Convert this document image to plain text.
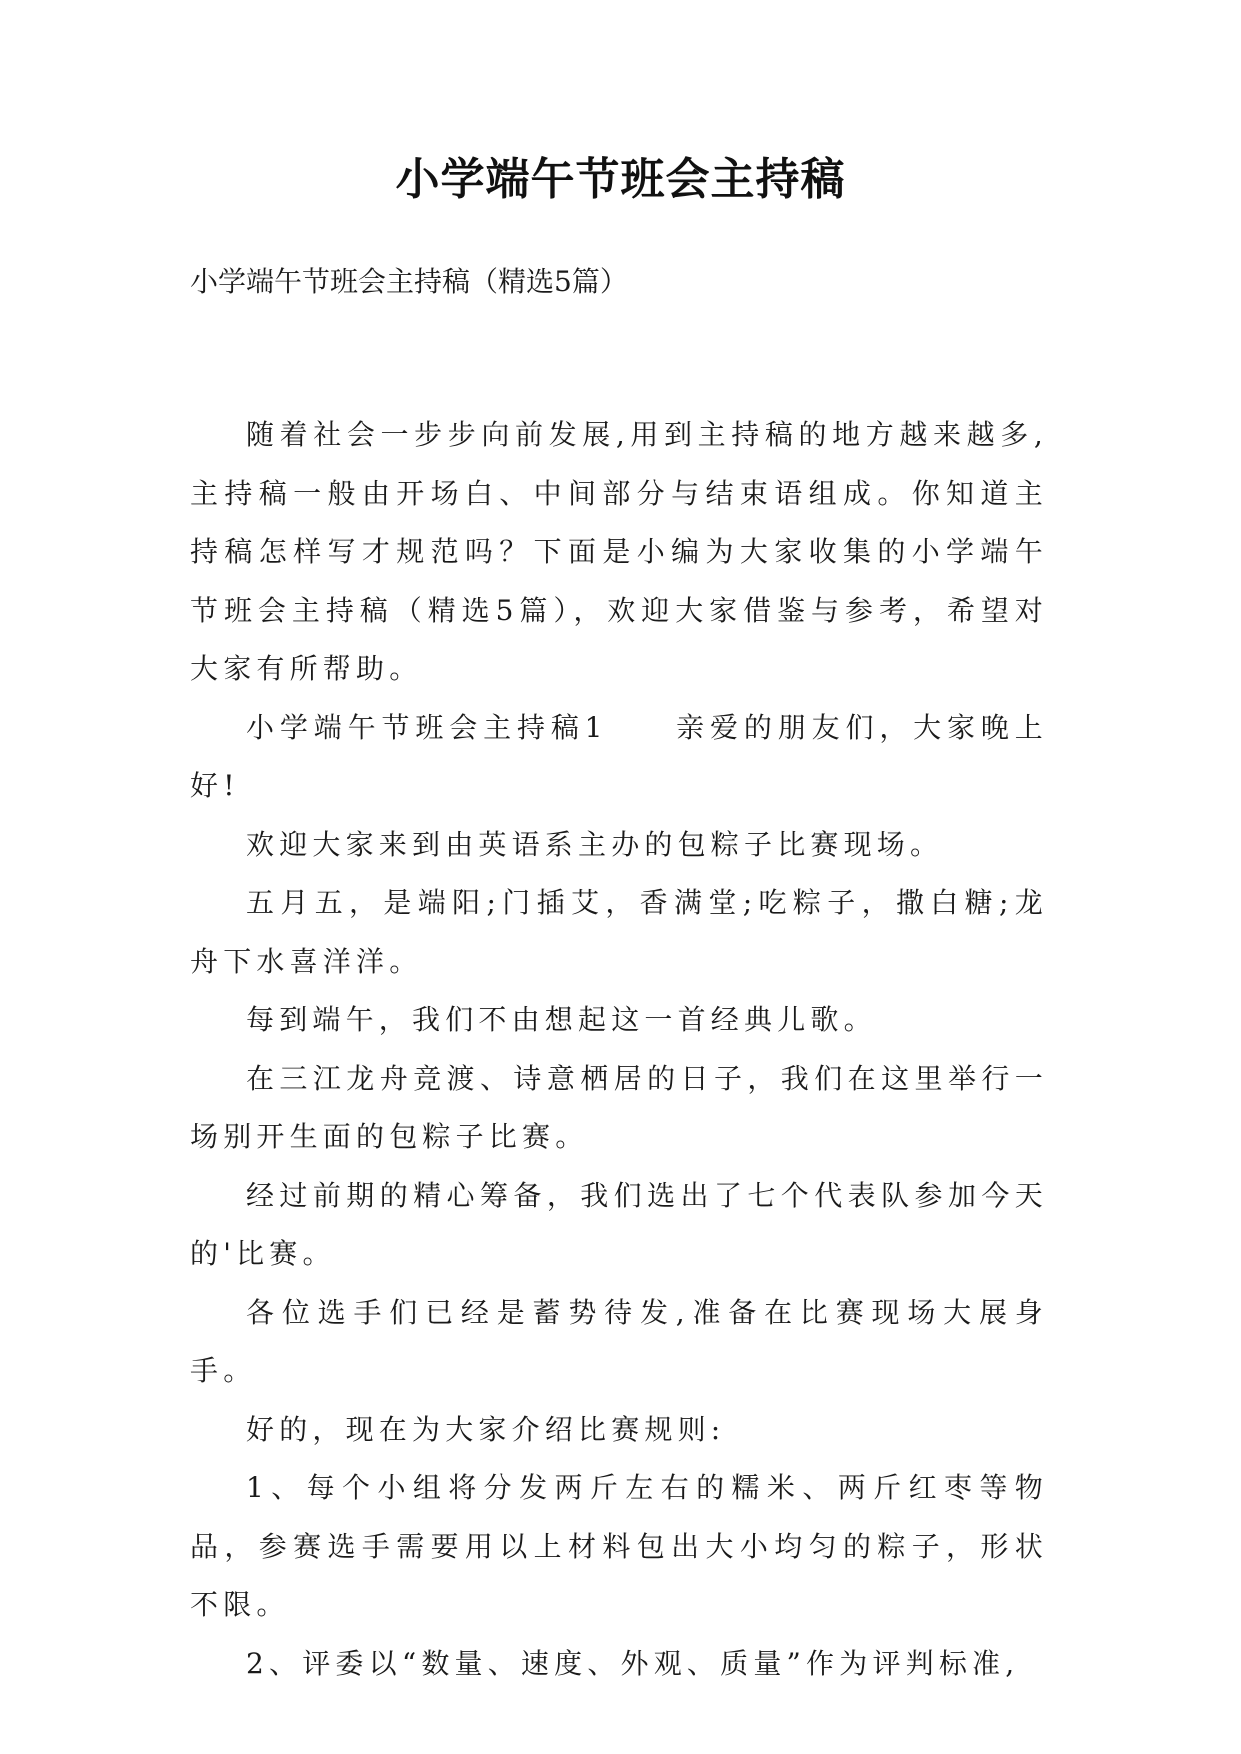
小学端午节班会主持稿

小学端午节班会主持稿（精选5篇）

随着社会一步步向前发展,用到主持稿的地方越来越多,主持稿一般由开场白、中间部分与结束语组成。你知道主持稿怎样写才规范吗？下面是小编为大家收集的小学端午节班会主持稿（精选5篇），欢迎大家借鉴与参考，希望对大家有所帮助。

小学端午节班会主持稿1　　亲爱的朋友们，大家晚上好!

欢迎大家来到由英语系主办的包粽子比赛现场。

五月五，是端阳;门插艾，香满堂;吃粽子，撒白糖;龙舟下水喜洋洋。

每到端午，我们不由想起这一首经典儿歌。

在三江龙舟竞渡、诗意栖居的日子，我们在这里举行一场别开生面的包粽子比赛。

经过前期的精心筹备，我们选出了七个代表队参加今天的'比赛。

各位选手们已经是蓄势待发,准备在比赛现场大展身手。

好的，现在为大家介绍比赛规则:

1、每个小组将分发两斤左右的糯米、两斤红枣等物品，参赛选手需要用以上材料包出大小均匀的粽子，形状不限。

2、评委以“数量、速度、外观、质量”作为评判标准,
